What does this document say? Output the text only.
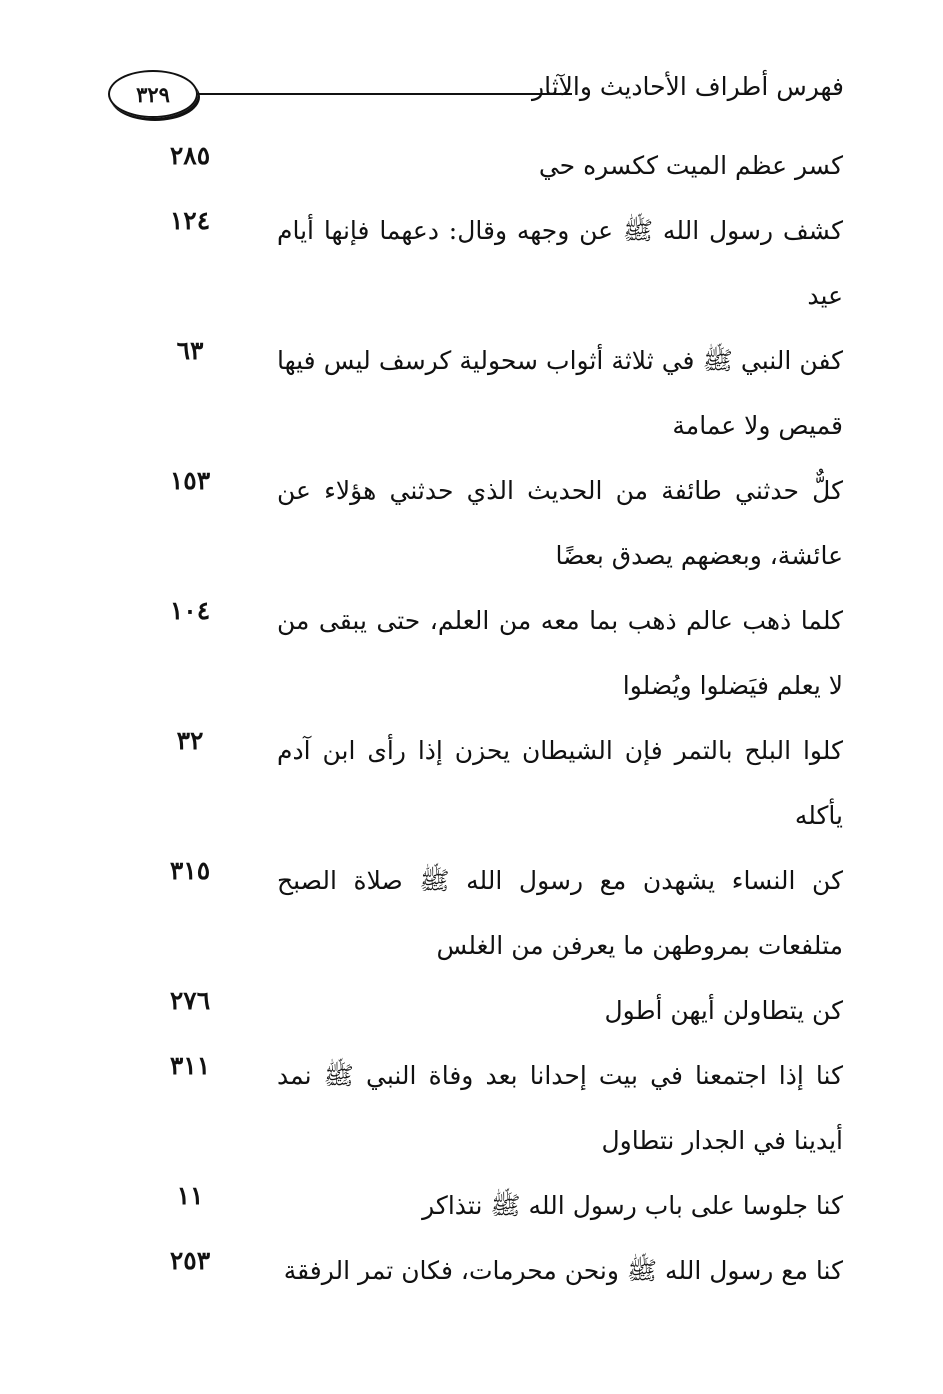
٣٢٩	فهرس أطراف الأحاديث والآثار
كسر عظم الميت ككسره حي
٢٨٥
كشف رسول الله ﷺ عن وجهه وقال: دعهما فإنها أيام عيد
١٢٤
كفن النبي ﷺ في ثلاثة أثواب سحولية كرسف ليس فيها قميص ولا عمامة
٦٣
كلٌّ حدثني طائفة من الحديث الذي حدثني هؤلاء عن عائشة، وبعضهم يصدق بعضًا
١٥٣
كلما ذهب عالم ذهب بما معه من العلم، حتى يبقى من لا يعلم فيَضلوا ويُضلوا
١٠٤
كلوا البلح بالتمر فإن الشيطان يحزن إذا رأى ابن آدم يأكله
٣٢
كن النساء يشهدن مع رسول الله ﷺ صلاة الصبح متلفعات بمروطهن ما يعرفن من الغلس
٣١٥
كن يتطاولن أيهن أطول
٢٧٦
كنا إذا اجتمعنا في بيت إحدانا بعد وفاة النبي ﷺ نمد أيدينا في الجدار نتطاول
٣١١
كنا جلوسا على باب رسول الله ﷺ نتذاكر
١١
كنا مع رسول الله ﷺ ونحن محرمات، فكان تمر الرفقة
٢٥٣
